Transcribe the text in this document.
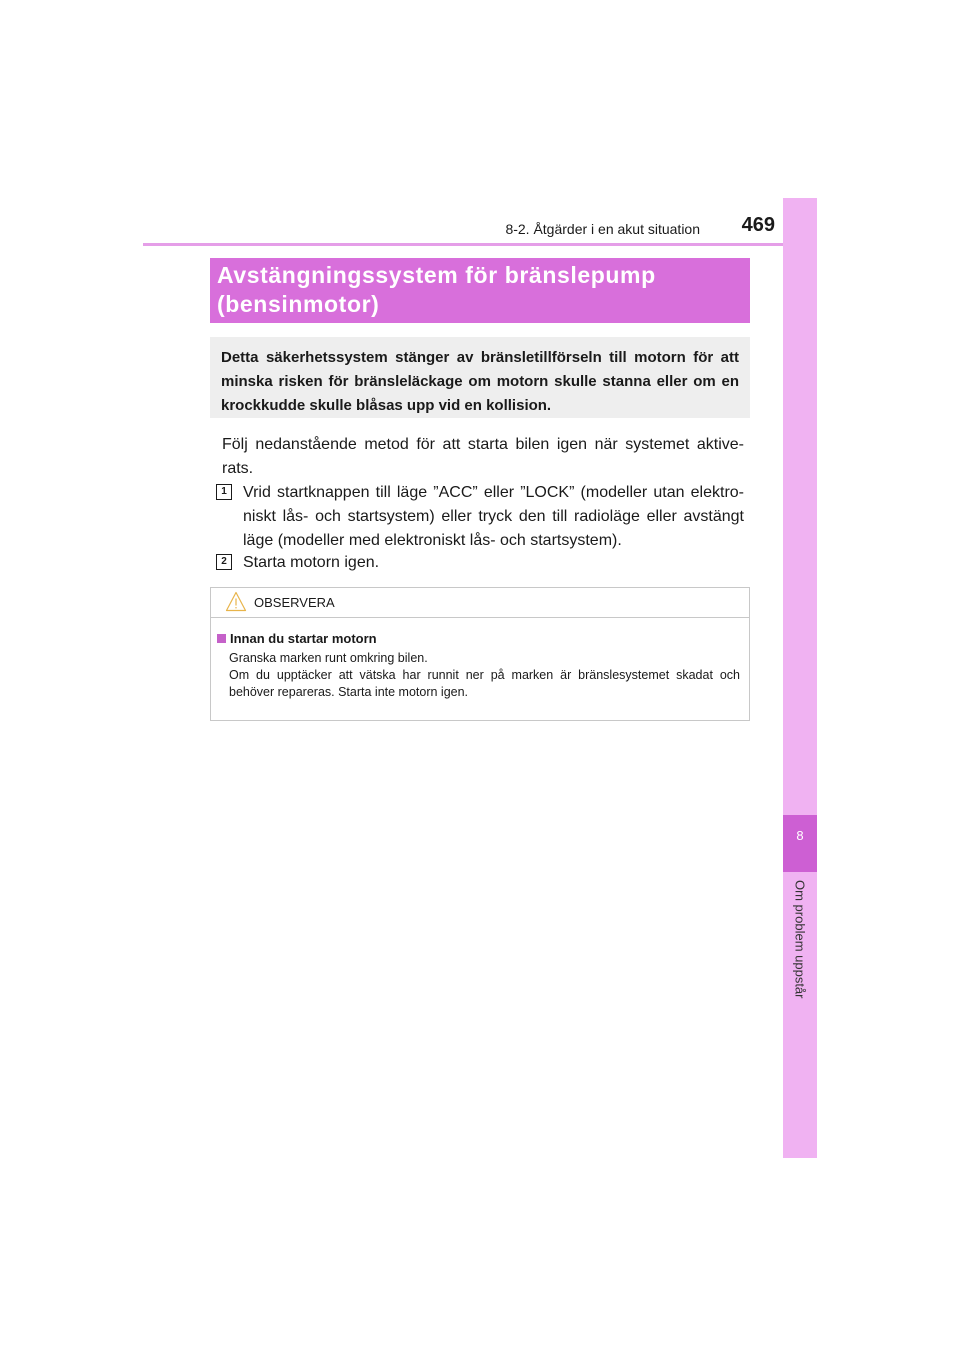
8-2. Åtgärder i en akut situation	469
8
Om problem uppstår
Avstängningssystem för bränslepump
(bensinmotor)
Detta säkerhetssystem stänger av bränsletillförseln till motorn för att minska risken för bränsleläckage om motorn skulle stanna eller om en krockkudde skulle blåsas upp vid en kollision.
Följ nedanstående metod för att starta bilen igen när systemet aktive-rats.
1	Vrid startknappen till läge ”ACC” eller ”LOCK” (modeller utan elektro-niskt lås- och startsystem) eller tryck den till radioläge eller avstängt läge (modeller med elektroniskt lås- och startsystem).
2	Starta motorn igen.
OBSERVERA
Innan du startar motorn
Granska marken runt omkring bilen.
Om du upptäcker att vätska har runnit ner på marken är bränslesystemet skadat och behöver repareras. Starta inte motorn igen.
